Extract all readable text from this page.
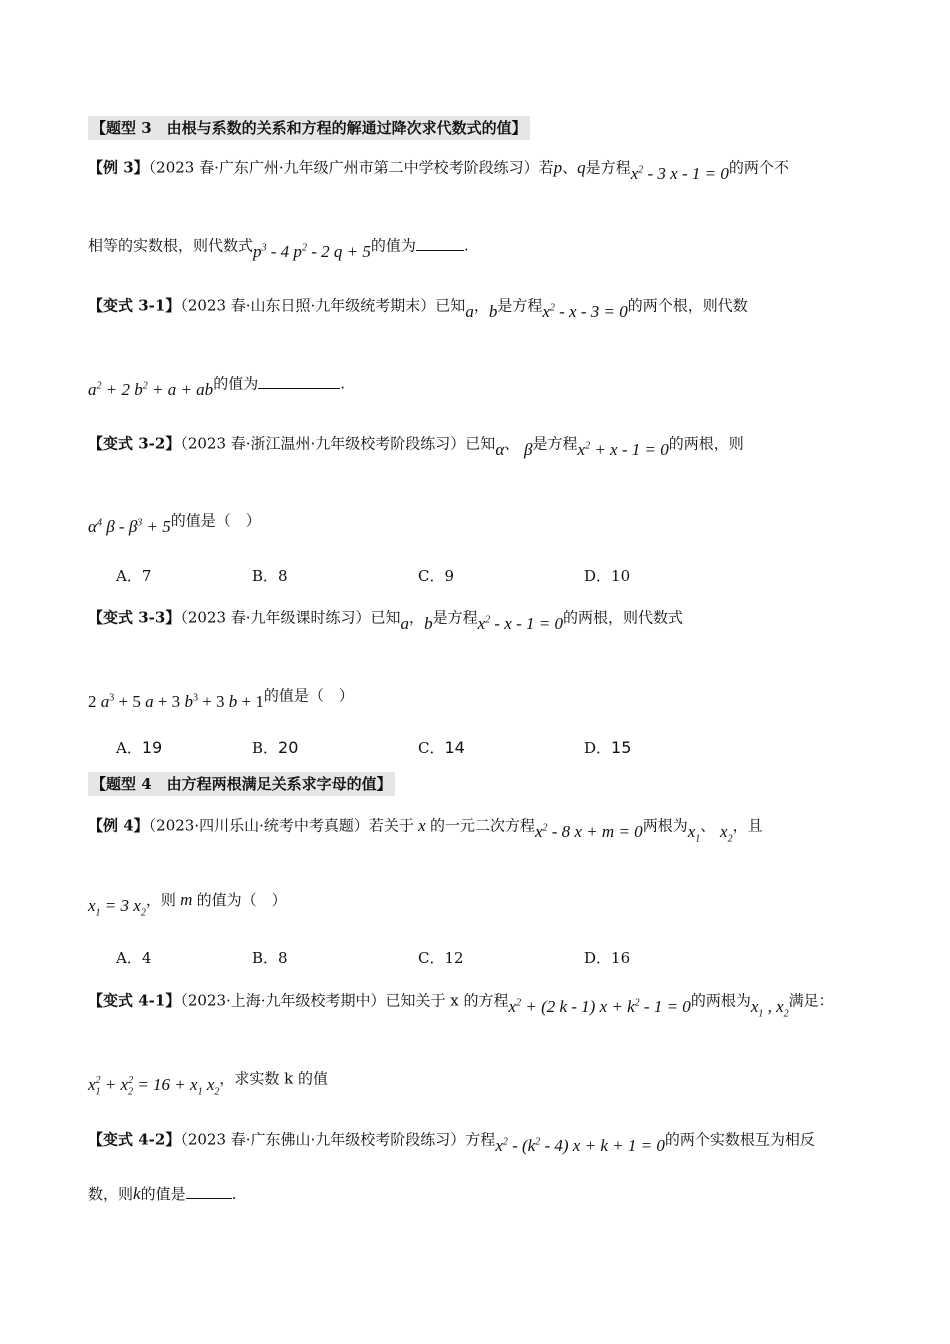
【题型 3　由根与系数的关系和方程的解通过降次求代数式的值】
【例 3】（2023 春·广东广州·九年级广州市第二中学校考阶段练习）若p、q是方程$x^2 - 3$ x - 1 = 0的两个不
相等的实数根，则代数式$p^3 - 4$ $p^2 - 2$ q + 5的值为	.
【变式 3-1】（2023 春·山东日照·九年级统考期末）已知a，b是方程$x^2 - x - 3 = 0$的两个根，则代数
$a^2 + 2$ $b^2 + a$ + ab的值为	.
【变式 3-2】（2023 春·浙江温州·九年级校考阶段练习）已知α、 β是方程$x^2 + x - 1 = 0$的两根，则
$\alpha^4$ $\beta - \beta^3 + 5$的值是（　）
A．7	B．8	C．9	D．10
【变式 3-3】（2023 春·九年级课时练习）已知a，b是方程$x^2 - x - 1 = 0$的两根，则代数式
2 $a^3 + 5$ a + 3 $b^3 + 3$ b + 1的值是（　）
A．19	B．20	C．14	D．15
【题型 4　由方程两根满足关系求字母的值】
【例 4】（2023·四川乐山·统考中考真题）若关于 x 的一元二次方程$x^2 - 8$ x + m = 0两根为$x_1$、 $x_2$，且
$x_1 = 3$ $x_2$，则 m 的值为（　）
A．4	B．8	C．12	D．16
【变式 4-1】（2023·上海·九年级校考期中）已知关于 x 的方程$x^2 + (2$ k - 1) $x + k^2 - 1 = 0$的两根为$x_1$ , $x_2$满足：
$x_1^2 + x_2^2 = 16 + x_1$ $x_2$，求实数 k 的值
【变式 4-2】（2023 春·广东佛山·九年级校考阶段练习）方程$x^2 - (k^2 - 4) x + k + 1 = 0$的两个实数根互为相反
数，则k的值是	.
